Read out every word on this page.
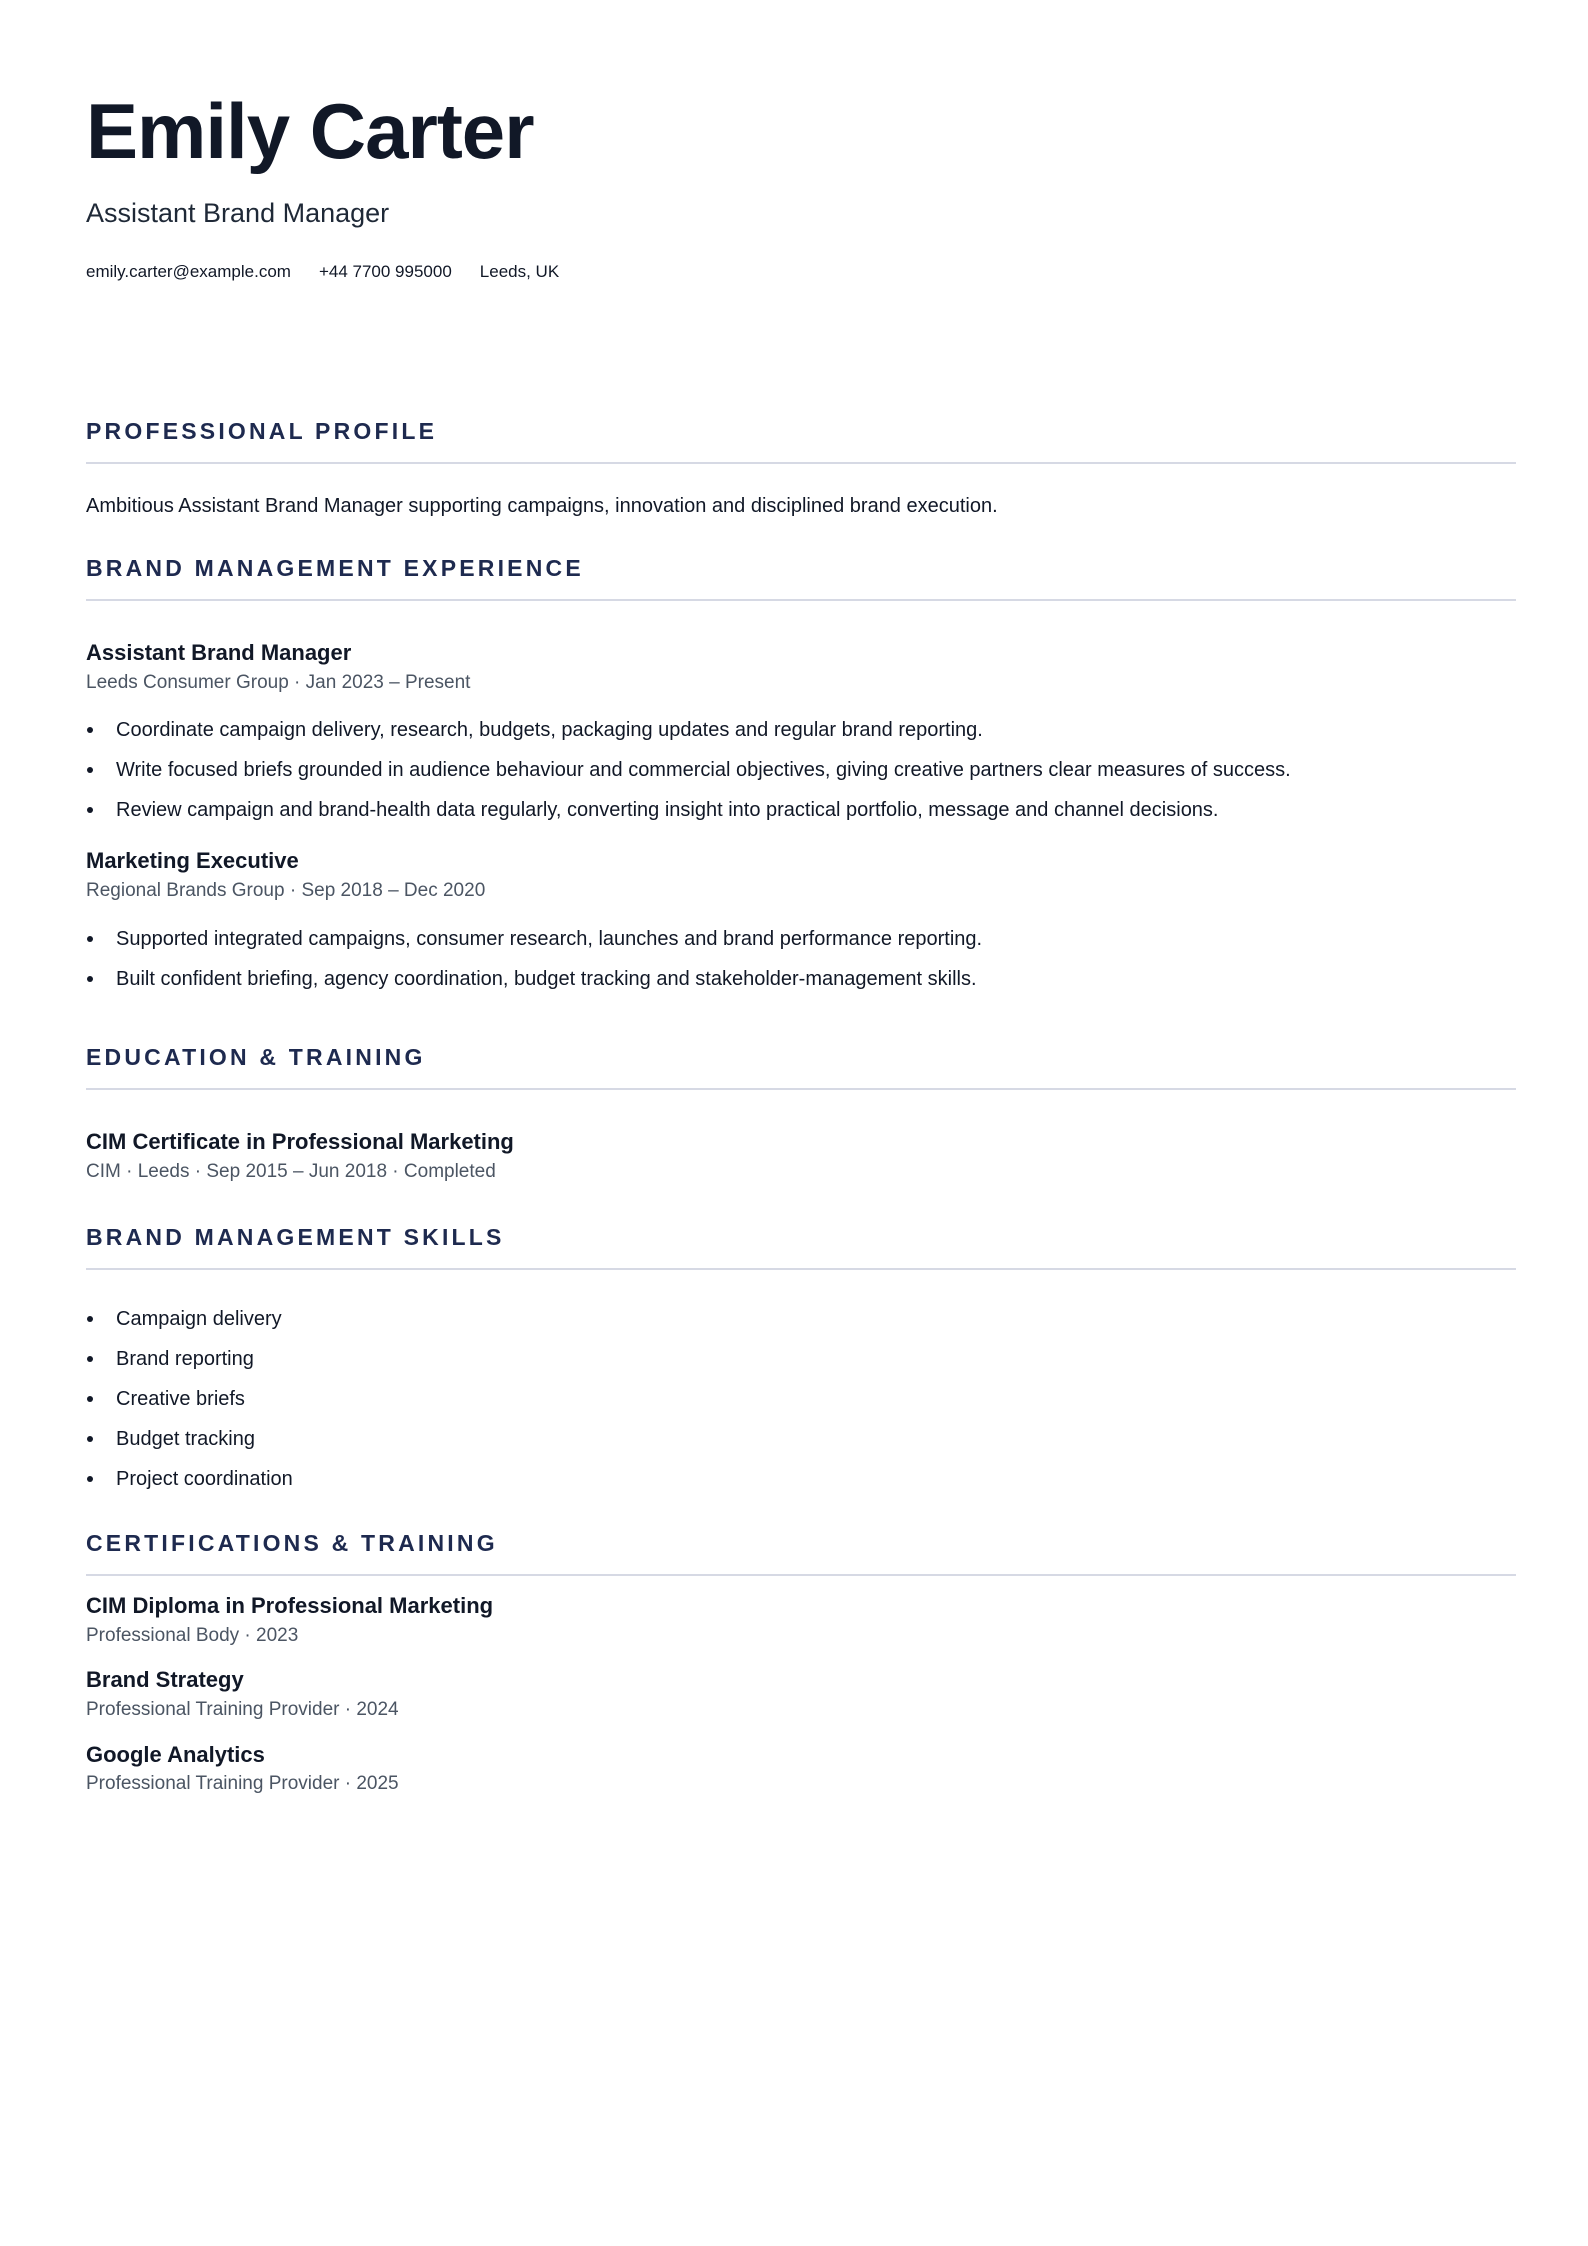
Emily Carter
Assistant Brand Manager
emily.carter@example.com +44 7700 995000 Leeds, UK
PROFESSIONAL PROFILE
Ambitious Assistant Brand Manager supporting campaigns, innovation and disciplined brand execution.
BRAND MANAGEMENT EXPERIENCE
Assistant Brand Manager
Leeds Consumer Group · Jan 2023 – Present
Coordinate campaign delivery, research, budgets, packaging updates and regular brand reporting.
Write focused briefs grounded in audience behaviour and commercial objectives, giving creative partners clear measures of success.
Review campaign and brand-health data regularly, converting insight into practical portfolio, message and channel decisions.
Marketing Executive
Regional Brands Group · Sep 2018 – Dec 2020
Supported integrated campaigns, consumer research, launches and brand performance reporting.
Built confident briefing, agency coordination, budget tracking and stakeholder-management skills.
EDUCATION & TRAINING
CIM Certificate in Professional Marketing
CIM · Leeds · Sep 2015 – Jun 2018 · Completed
BRAND MANAGEMENT SKILLS
Campaign delivery
Brand reporting
Creative briefs
Budget tracking
Project coordination
CERTIFICATIONS & TRAINING
CIM Diploma in Professional Marketing
Professional Body · 2023
Brand Strategy
Professional Training Provider · 2024
Google Analytics
Professional Training Provider · 2025
